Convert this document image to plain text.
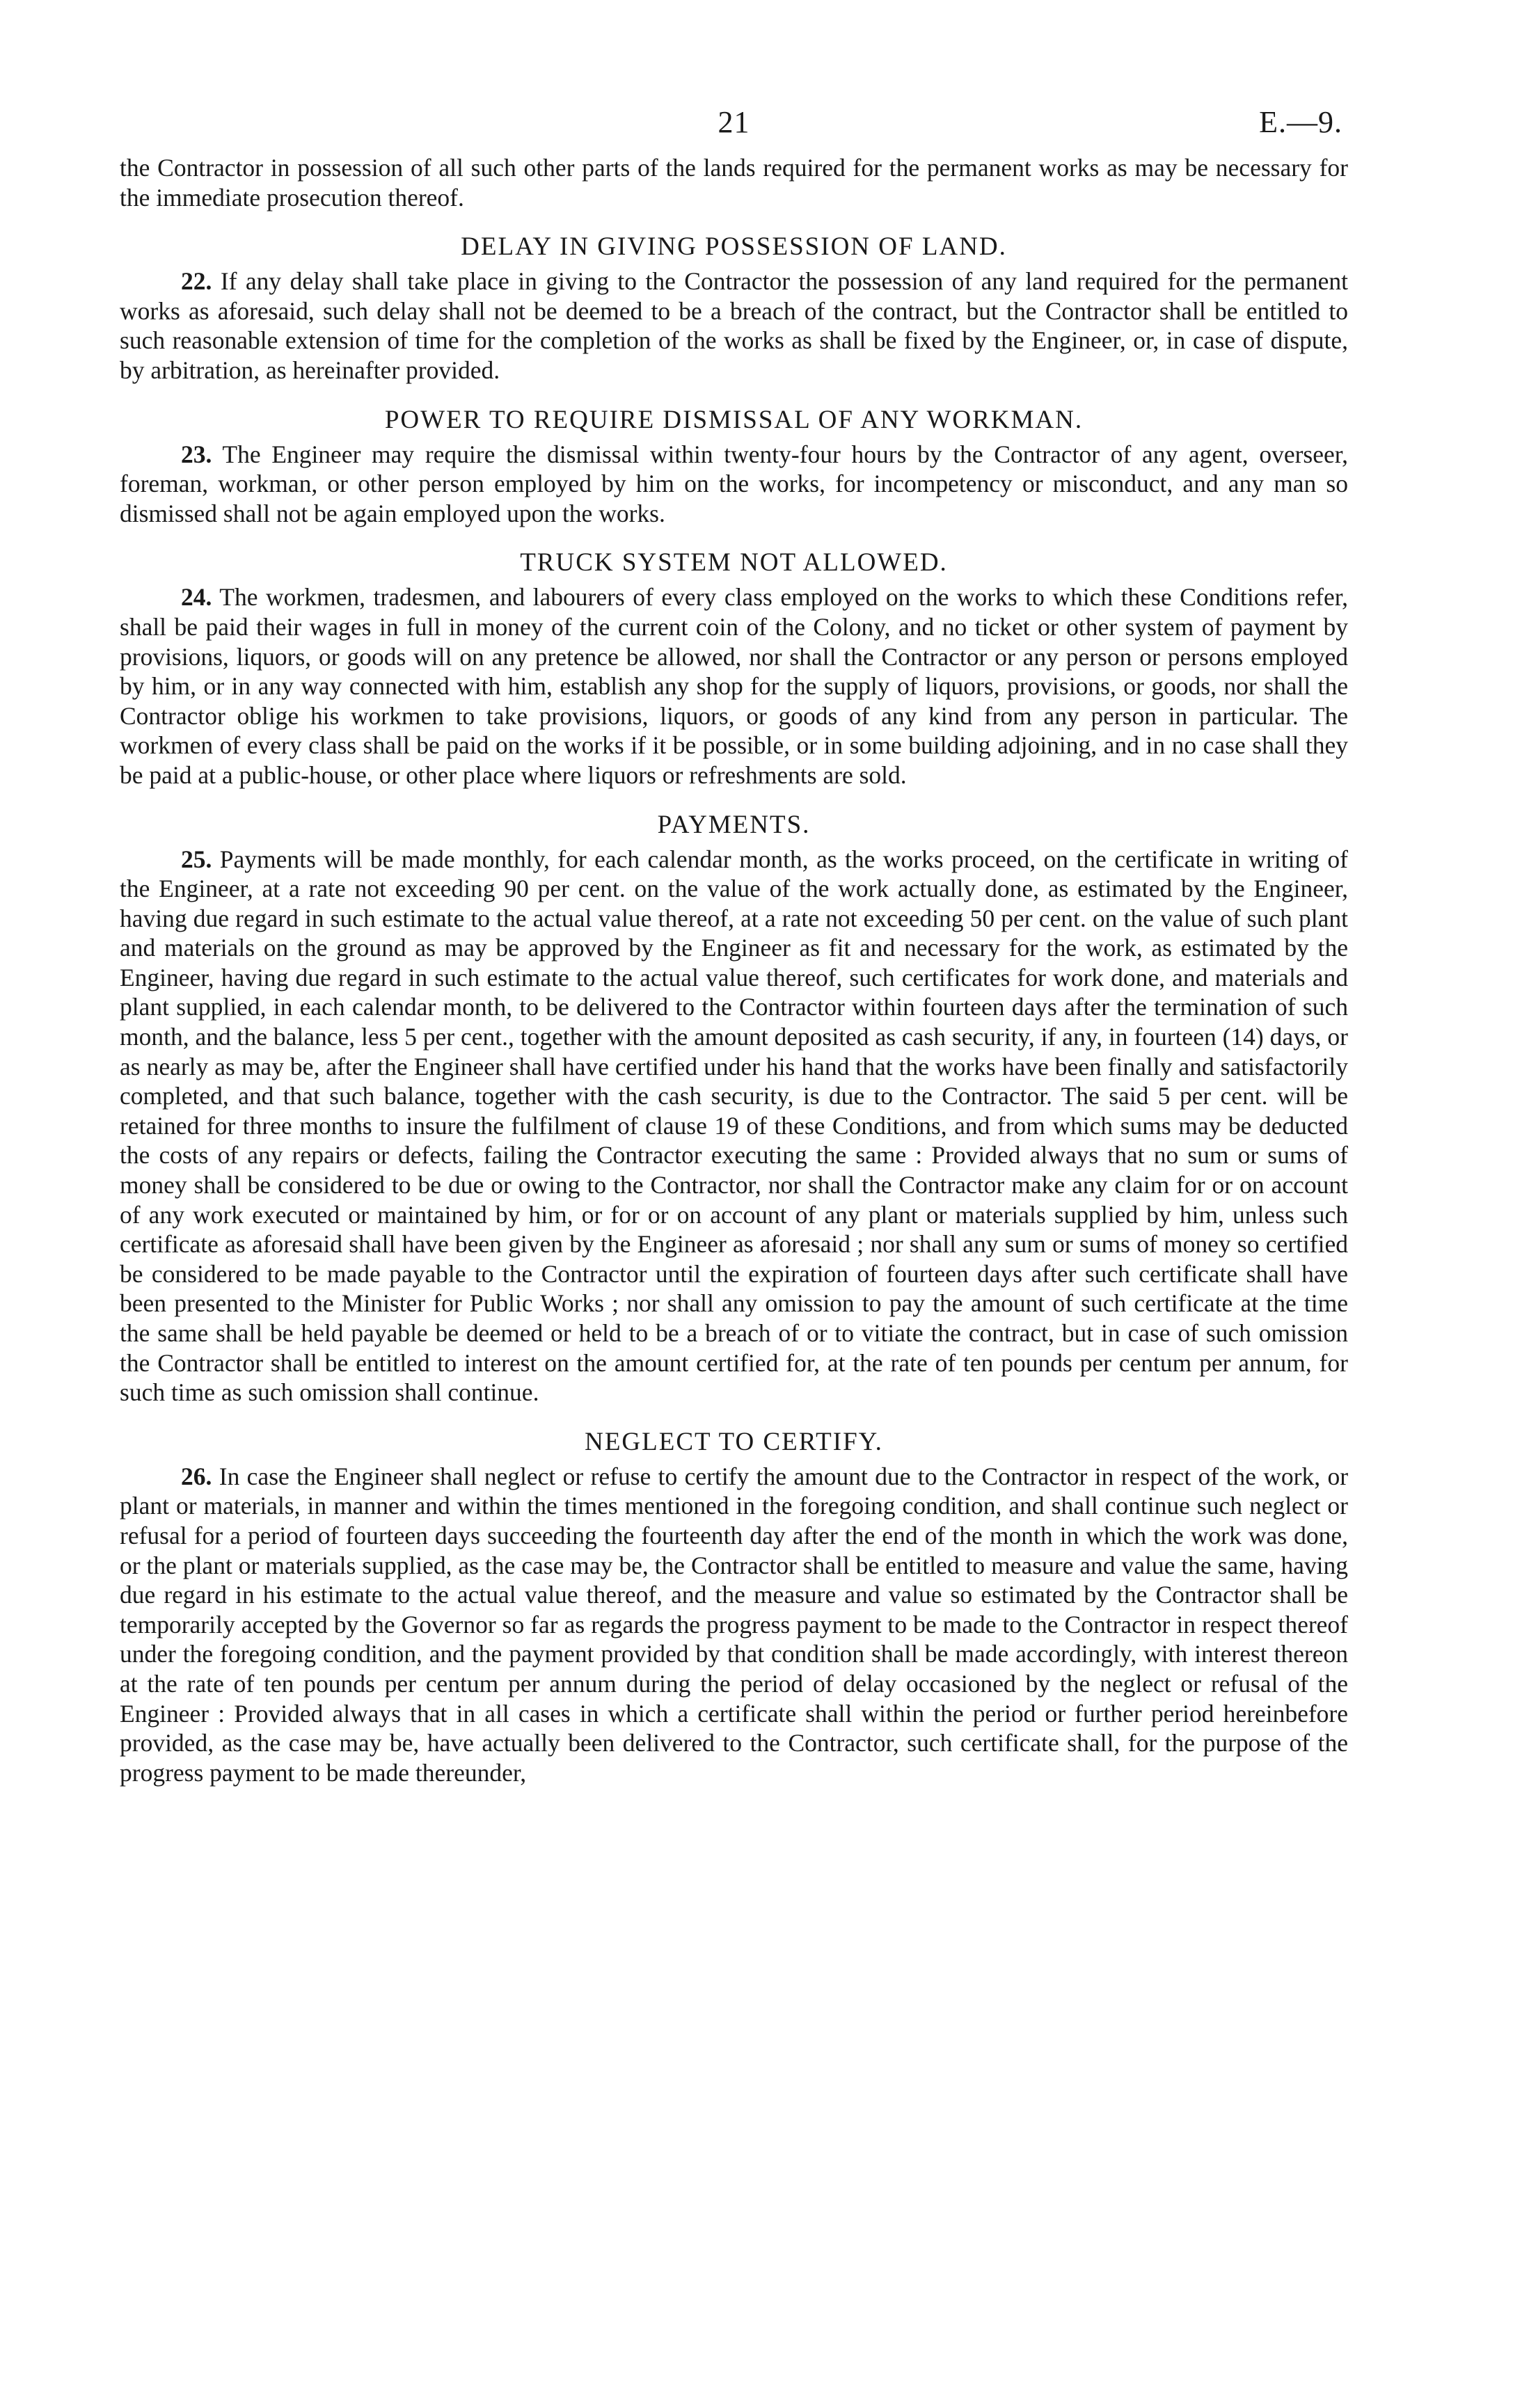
21	E.—9.

the Contractor in possession of all such other parts of the lands required for the permanent works as may be necessary for the immediate prosecution thereof.

DELAY IN GIVING POSSESSION OF LAND.

22. If any delay shall take place in giving to the Contractor the possession of any land required for the permanent works as aforesaid, such delay shall not be deemed to be a breach of the contract, but the Contractor shall be entitled to such reasonable extension of time for the completion of the works as shall be fixed by the Engineer, or, in case of dispute, by arbitration, as hereinafter provided.

POWER TO REQUIRE DISMISSAL OF ANY WORKMAN.

23. The Engineer may require the dismissal within twenty-four hours by the Contractor of any agent, overseer, foreman, workman, or other person employed by him on the works, for incompetency or misconduct, and any man so dismissed shall not be again employed upon the works.

TRUCK SYSTEM NOT ALLOWED.

24. The workmen, tradesmen, and labourers of every class employed on the works to which these Conditions refer, shall be paid their wages in full in money of the current coin of the Colony, and no ticket or other system of payment by provisions, liquors, or goods will on any pretence be allowed, nor shall the Contractor or any person or persons employed by him, or in any way connected with him, establish any shop for the supply of liquors, provisions, or goods, nor shall the Contractor oblige his workmen to take provisions, liquors, or goods of any kind from any person in particular. The workmen of every class shall be paid on the works if it be possible, or in some building adjoining, and in no case shall they be paid at a public-house, or other place where liquors or refreshments are sold.

PAYMENTS.

25. Payments will be made monthly, for each calendar month, as the works proceed, on the certificate in writing of the Engineer, at a rate not exceeding 90 per cent. on the value of the work actually done, as estimated by the Engineer, having due regard in such estimate to the actual value thereof, at a rate not exceeding 50 per cent. on the value of such plant and materials on the ground as may be approved by the Engineer as fit and necessary for the work, as estimated by the Engineer, having due regard in such estimate to the actual value thereof, such certificates for work done, and materials and plant supplied, in each calendar month, to be delivered to the Contractor within fourteen days after the termination of such month, and the balance, less 5 per cent., together with the amount deposited as cash security, if any, in fourteen (14) days, or as nearly as may be, after the Engineer shall have certified under his hand that the works have been finally and satisfactorily completed, and that such balance, together with the cash security, is due to the Contractor. The said 5 per cent. will be retained for three months to insure the fulfilment of clause 19 of these Conditions, and from which sums may be deducted the costs of any repairs or defects, failing the Contractor executing the same : Provided always that no sum or sums of money shall be considered to be due or owing to the Contractor, nor shall the Contractor make any claim for or on account of any work executed or maintained by him, or for or on account of any plant or materials supplied by him, unless such certificate as aforesaid shall have been given by the Engineer as aforesaid ; nor shall any sum or sums of money so certified be considered to be made payable to the Contractor until the expiration of fourteen days after such certificate shall have been presented to the Minister for Public Works ; nor shall any omission to pay the amount of such certificate at the time the same shall be held payable be deemed or held to be a breach of or to vitiate the contract, but in case of such omission the Contractor shall be entitled to interest on the amount certified for, at the rate of ten pounds per centum per annum, for such time as such omission shall continue.

NEGLECT TO CERTIFY.

26. In case the Engineer shall neglect or refuse to certify the amount due to the Contractor in respect of the work, or plant or materials, in manner and within the times mentioned in the foregoing condition, and shall continue such neglect or refusal for a period of fourteen days succeeding the fourteenth day after the end of the month in which the work was done, or the plant or materials supplied, as the case may be, the Contractor shall be entitled to measure and value the same, having due regard in his estimate to the actual value thereof, and the measure and value so estimated by the Contractor shall be temporarily accepted by the Governor so far as regards the progress payment to be made to the Contractor in respect thereof under the foregoing condition, and the payment provided by that condition shall be made accordingly, with interest thereon at the rate of ten pounds per centum per annum during the period of delay occasioned by the neglect or refusal of the Engineer : Provided always that in all cases in which a certificate shall within the period or further period hereinbefore provided, as the case may be, have actually been delivered to the Contractor, such certificate shall, for the purpose of the progress payment to be made thereunder,
